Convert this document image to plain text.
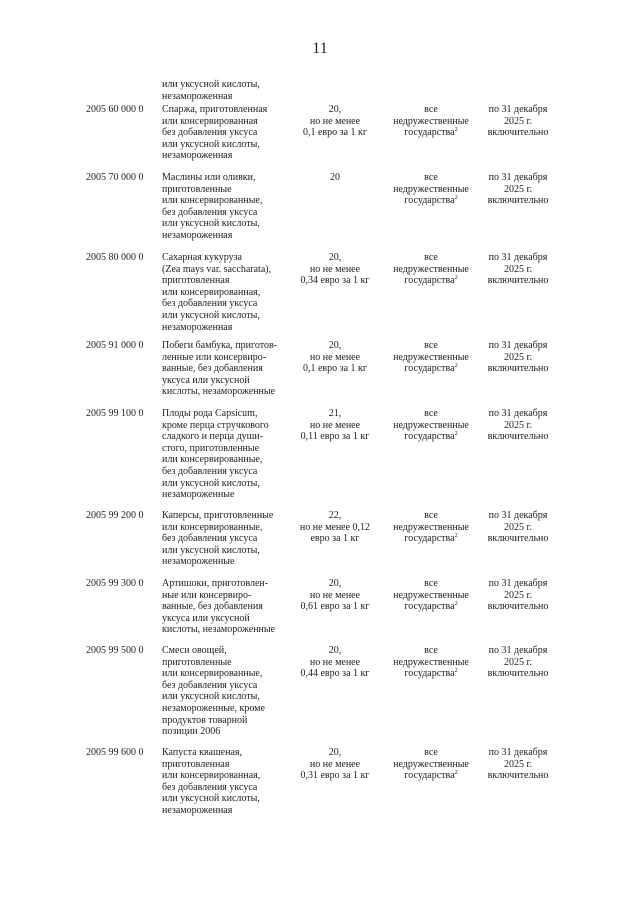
11
или уксусной кислоты,
незамороженная
2005 60 000 0 Спаржа, приготовленная
или консервированная
без добавления уксуса
или уксусной кислоты,
незамороженная
20,
но не менее
0,1 евро за 1 кг
все
недружественные
государства$^2$
по 31 декабря
2025 г.
включительно
2005 70 000 0 Маслины или оливки,
приготовленные
или консервированные,
без добавления уксуса
или уксусной кислоты,
незамороженная
20	все
недружественные
государства$^2$
по 31 декабря
2025 г.
включительно
2005 80 000 0 Сахарная кукуруза
(Zea mays var. saccharata),
приготовленная
или консервированная,
без добавления уксуса
или уксусной кислоты,
незамороженная
20,
но не менее
0,34 евро за 1 кг
все
недружественные
государства$^2$
по 31 декабря
2025 г.
включительно
2005 91 000 0 Побеги бамбука, приготов-
ленные или консервиро-
ванные, без добавления
уксуса или уксусной
кислоты, незамороженные
20,
но не менее
0,1 евро за 1 кг
все
недружественные
государства$^2$
по 31 декабря
2025 г.
включительно
2005 99 100 0 Плоды рода Capsicum,
кроме перца стручкового
сладкого и перца души-
стого, приготовленные
или консервированные,
без добавления уксуса
или уксусной кислоты,
незамороженные
21,
но не менее
0,11 евро за 1 кг
все
недружественные
государства$^2$
по 31 декабря
2025 г.
включительно
2005 99 200 0 Каперсы, приготовленные
или консервированные,
без добавления уксуса
или уксусной кислоты,
незамороженные
22,
но не менее 0,12
евро за 1 кг
все
недружественные
государства$^2$
по 31 декабря
2025 г.
включительно
2005 99 300 0 Артишоки, приготовлен-
ные или консервиро-
ванные, без добавления
уксуса или уксусной
кислоты, незамороженные
20,
но не менее
0,61 евро за 1 кг
все
недружественные
государства$^2$
по 31 декабря
2025 г.
включительно
2005 99 500 0 Смеси овощей,
приготовленные
или консервированные,
без добавления уксуса
или уксусной кислоты,
незамороженные, кроме
продуктов товарной
позиции 2006
20,
но не менее
0,44 евро за 1 кг
все
недружественные
государства$^2$
по 31 декабря
2025 г.
включительно
2005 99 600 0 Капуста квашеная,
приготовленная
или консервированная,
без добавления уксуса
или уксусной кислоты,
незамороженная
20,
но не менее
0,31 евро за 1 кг
все
недружественные
государства$^2$
по 31 декабря
2025 г.
включительно
